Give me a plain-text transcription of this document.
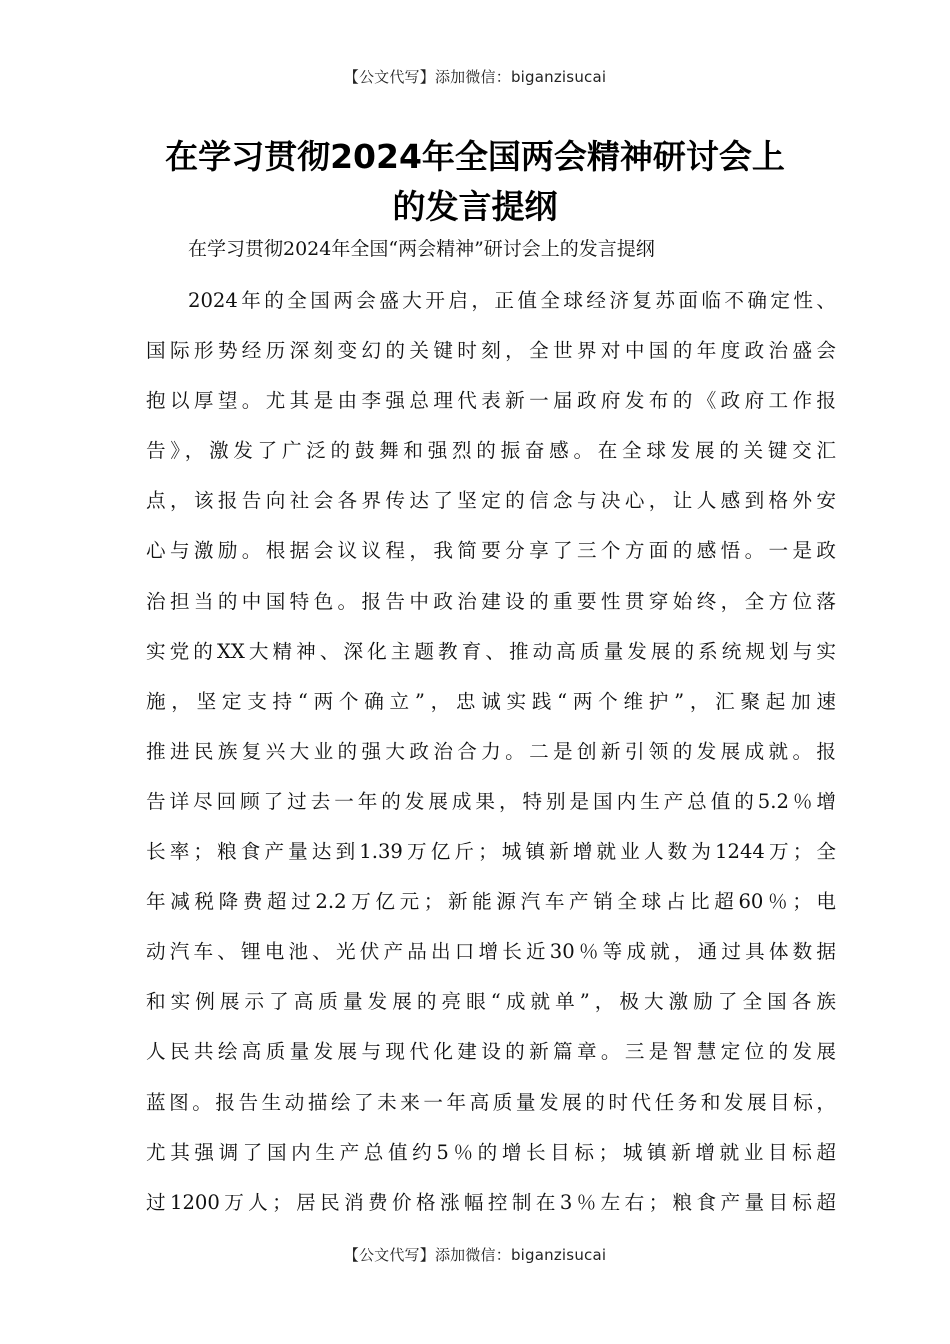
【公文代写】添加微信：biganzisucai
在学习贯彻2024年全国两会精神研讨会上
的发言提纲

在学习贯彻2024年全国“两会精神”研讨会上的发言提纲

2024年的全国两会盛大开启，正值全球经济复苏面临不确定性、
国际形势经历深刻变幻的关键时刻，全世界对中国的年度政治盛会
抱以厚望。尤其是由李强总理代表新一届政府发布的《政府工作报
告》，激发了广泛的鼓舞和强烈的振奋感。在全球发展的关键交汇
点，该报告向社会各界传达了坚定的信念与决心，让人感到格外安
心与激励。根据会议议程，我简要分享了三个方面的感悟。一是政
治担当的中国特色。报告中政治建设的重要性贯穿始终，全方位落
实党的XX大精神、深化主题教育、推动高质量发展的系统规划与实
施，坚定支持“两个确立”，忠诚实践“两个维护”，汇聚起加速
推进民族复兴大业的强大政治合力。二是创新引领的发展成就。报
告详尽回顾了过去一年的发展成果，特别是国内生产总值的5.2％增
长率；粮食产量达到1.39万亿斤；城镇新增就业人数为1244万；全
年减税降费超过2.2万亿元；新能源汽车产销全球占比超60％；电
动汽车、锂电池、光伏产品出口增长近30％等成就，通过具体数据
和实例展示了高质量发展的亮眼“成就单”，极大激励了全国各族
人民共绘高质量发展与现代化建设的新篇章。三是智慧定位的发展
蓝图。报告生动描绘了未来一年高质量发展的时代任务和发展目标，
尤其强调了国内生产总值约5％的增长目标；城镇新增就业目标超
过1200万人；居民消费价格涨幅控制在3％左右；粮食产量目标超
【公文代写】添加微信：biganzisucai
